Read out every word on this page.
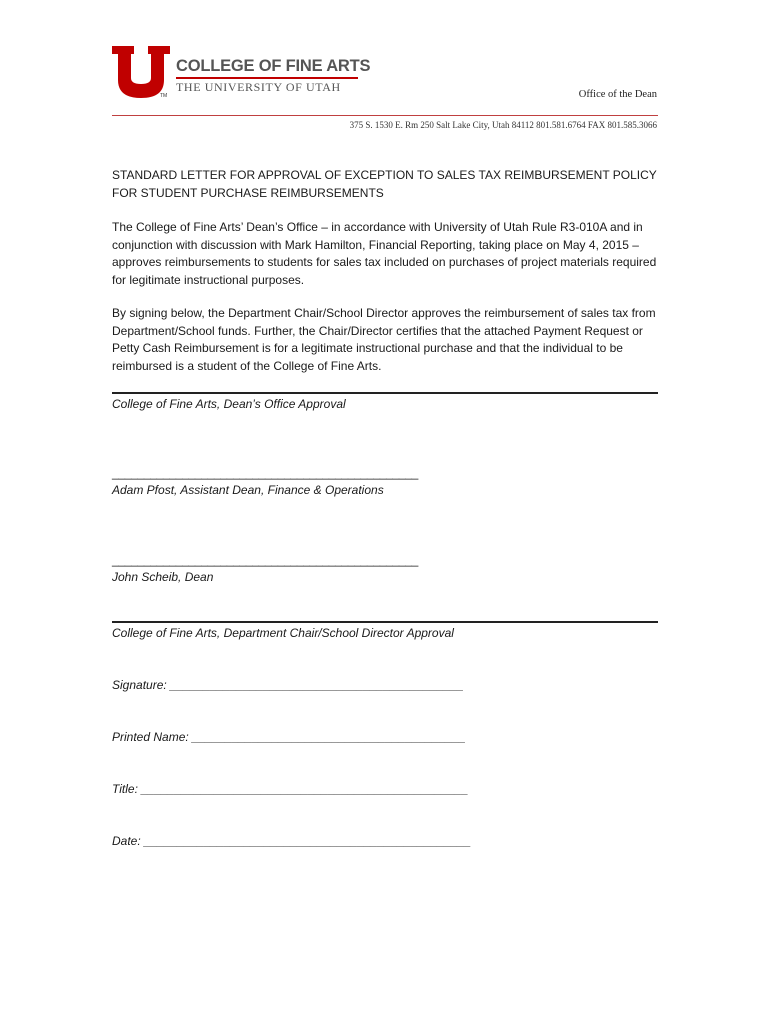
TM
COLLEGE OF FINE ARTS
THE UNIVERSITY OF UTAH
Office of the Dean
375 S. 1530 E. Rm 250 Salt Lake City, Utah 84112 801.581.6764 FAX 801.585.3066
STANDARD LETTER FOR APPROVAL OF EXCEPTION TO SALES TAX REIMBURSEMENT POLICY FOR STUDENT PURCHASE REIMBURSEMENTS
The College of Fine Arts’ Dean’s Office – in accordance with University of Utah Rule R3-010A and in conjunction with discussion with Mark Hamilton, Financial Reporting, taking place on May 4, 2015 – approves reimbursements to students for sales tax included on purchases of project materials required for legitimate instructional purposes.
By signing below, the Department Chair/School Director approves the reimbursement of sales tax from Department/School funds. Further, the Chair/Director certifies that the attached Payment Request or Petty Cash Reimbursement is for a legitimate instructional purchase and that the individual to be reimbursed is a student of the College of Fine Arts.
College of Fine Arts, Dean’s Office Approval
________________________________________________
Adam Pfost, Assistant Dean, Finance & Operations
________________________________________________
John Scheib, Dean
College of Fine Arts, Department Chair/School Director Approval
Signature: ____________________________________________
Printed Name: _________________________________________
Title: _________________________________________________
Date: _________________________________________________
